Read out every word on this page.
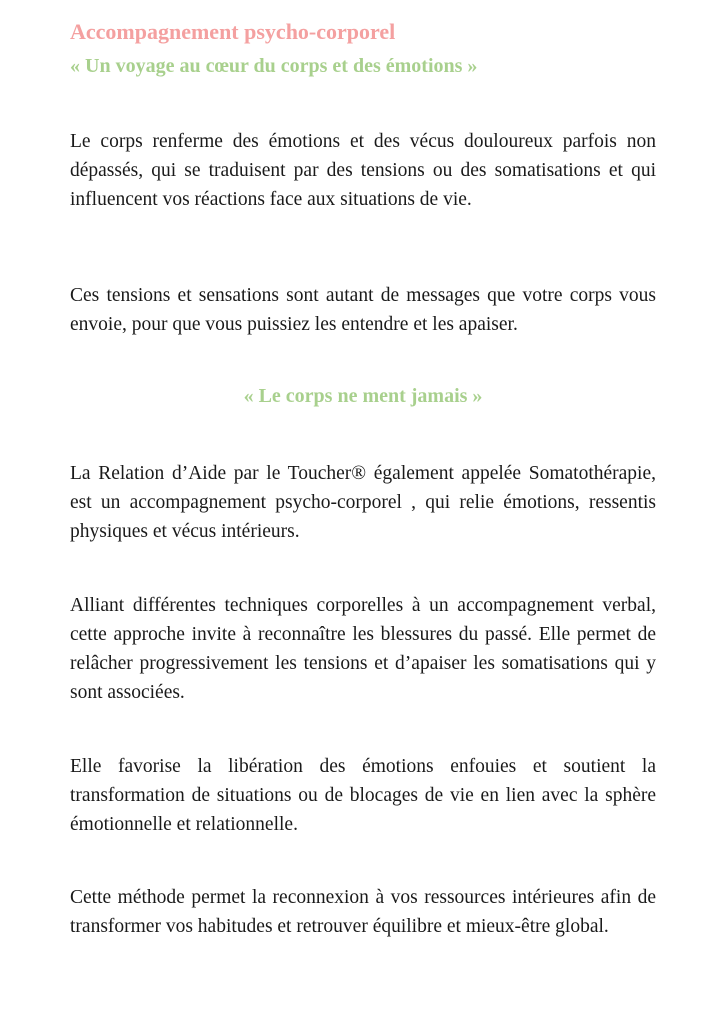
Accompagnement psycho-corporel
« Un voyage au cœur du corps et des émotions »

Le corps renferme des émotions et des vécus douloureux parfois non dépassés, qui se traduisent par des tensions ou des somatisations et qui influencent vos réactions face aux situations de vie.

Ces tensions et sensations sont autant de messages que votre corps vous envoie, pour que vous puissiez les entendre et les apaiser.

« Le corps ne ment jamais »

La Relation d’Aide par le Toucher® également appelée Somatothérapie, est un accompagnement psycho-corporel , qui relie émotions, ressentis physiques et vécus intérieurs.

Alliant différentes techniques corporelles à un accompagnement verbal, cette approche invite à reconnaître les blessures du passé. Elle permet de relâcher progressivement les tensions et d’apaiser les somatisations qui y sont associées.

Elle favorise la libération des émotions enfouies et soutient la transformation de situations ou de blocages de vie en lien avec la sphère émotionnelle et relationnelle.

Cette méthode permet la reconnexion à vos ressources intérieures afin de transformer vos habitudes et retrouver équilibre et mieux-être global.
